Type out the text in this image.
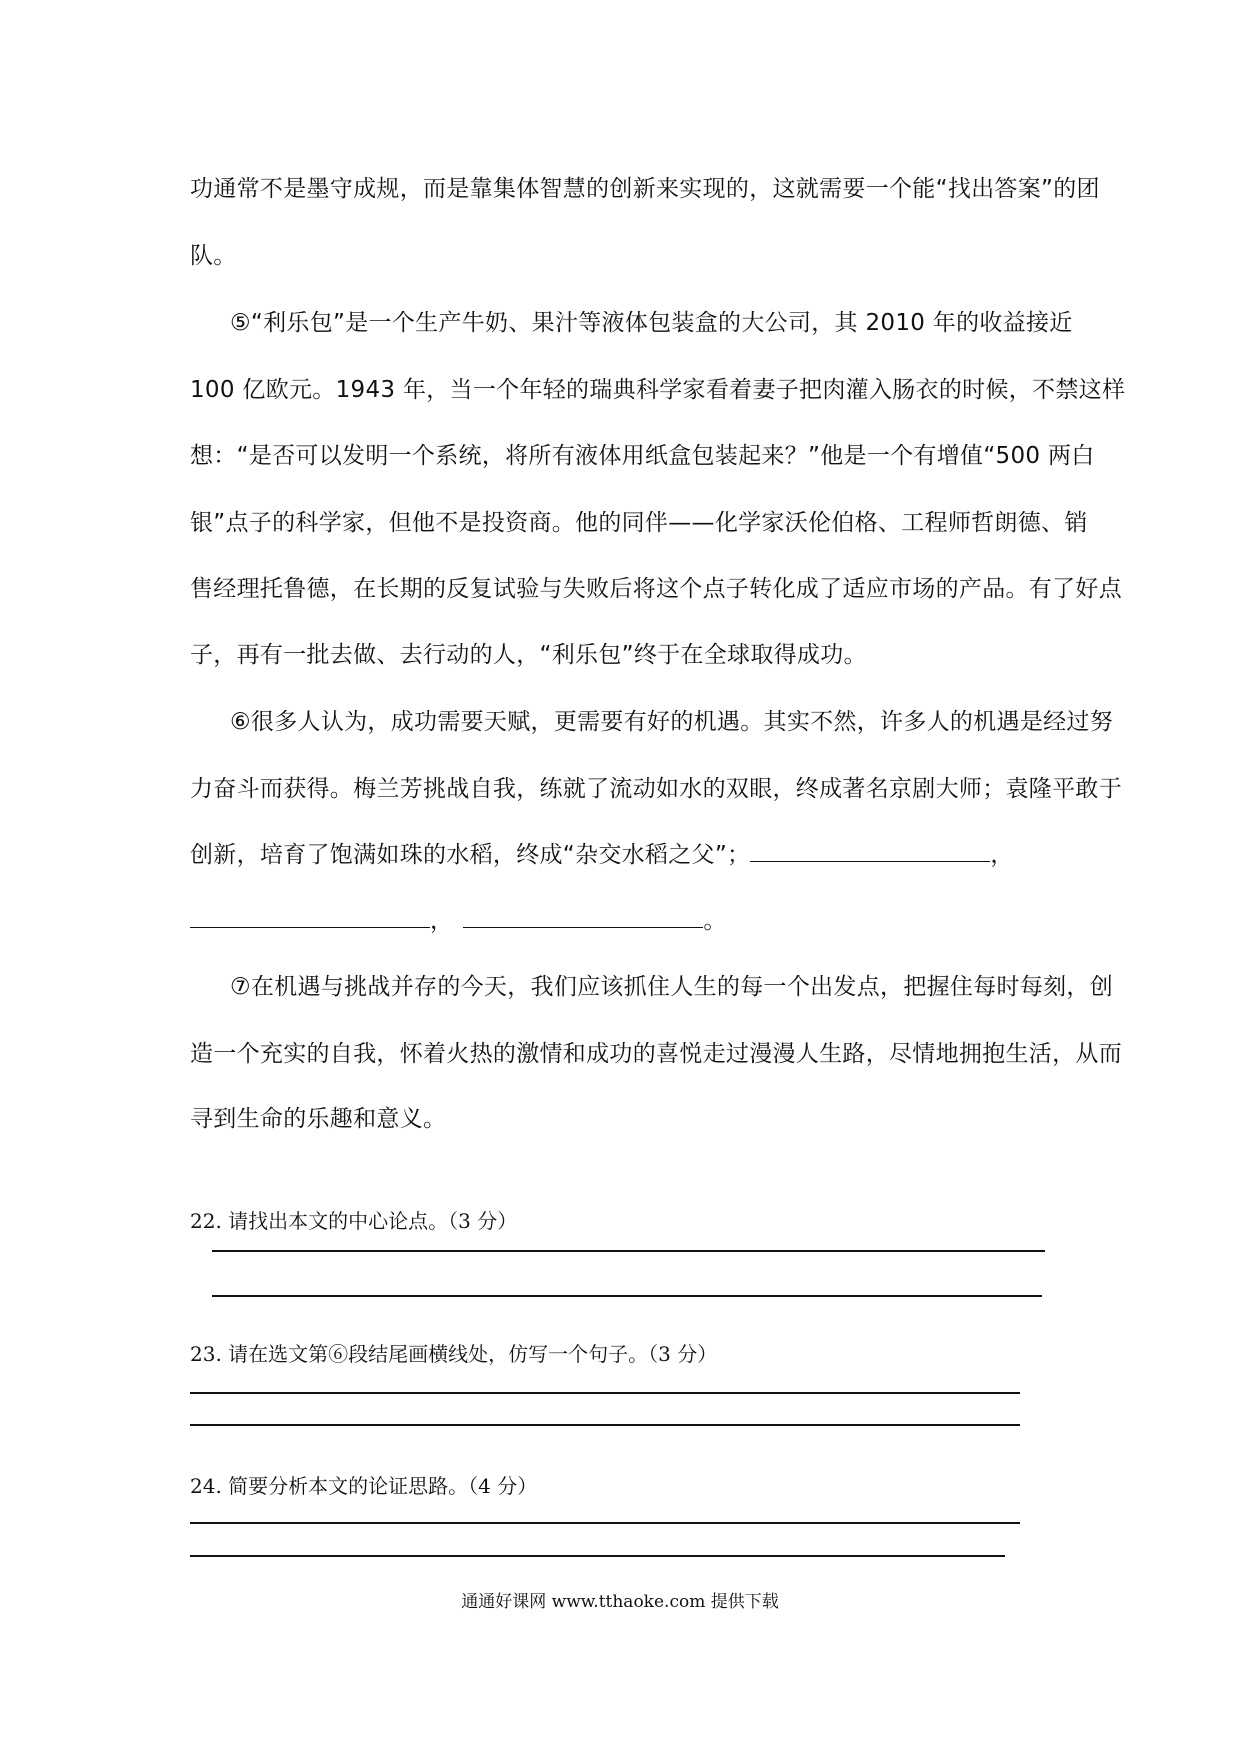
功通常不是墨守成规，而是靠集体智慧的创新来实现的，这就需要一个能“找出答案”的团
队。
⑤“利乐包”是一个生产牛奶、果汁等液体包装盒的大公司，其 2010 年的收益接近
100 亿欧元。1943 年，当一个年轻的瑞典科学家看着妻子把肉灌入肠衣的时候，不禁这样
想：“是否可以发明一个系统，将所有液体用纸盒包装起来？”他是一个有增值“500 两白
银”点子的科学家，但他不是投资商。他的同伴——化学家沃伦伯格、工程师哲朗德、销
售经理托鲁德，在长期的反复试验与失败后将这个点子转化成了适应市场的产品。有了好点
子，再有一批去做、去行动的人，“利乐包”终于在全球取得成功。
⑥很多人认为，成功需要天赋，更需要有好的机遇。其实不然，许多人的机遇是经过努
力奋斗而获得。梅兰芳挑战自我，练就了流动如水的双眼，终成著名京剧大师；袁隆平敢于
创新，培育了饱满如珠的水稻，终成“杂交水稻之父”；	，
，	。
⑦在机遇与挑战并存的今天，我们应该抓住人生的每一个出发点，把握住每时每刻，创
造一个充实的自我，怀着火热的激情和成功的喜悦走过漫漫人生路，尽情地拥抱生活，从而
寻到生命的乐趣和意义。
22. 请找出本文的中心论点。（3 分）
23. 请在选文第⑥段结尾画横线处，仿写一个句子。（3 分）
24. 简要分析本文的论证思路。（4 分）
通通好课网 www.tthaoke.com 提供下载
